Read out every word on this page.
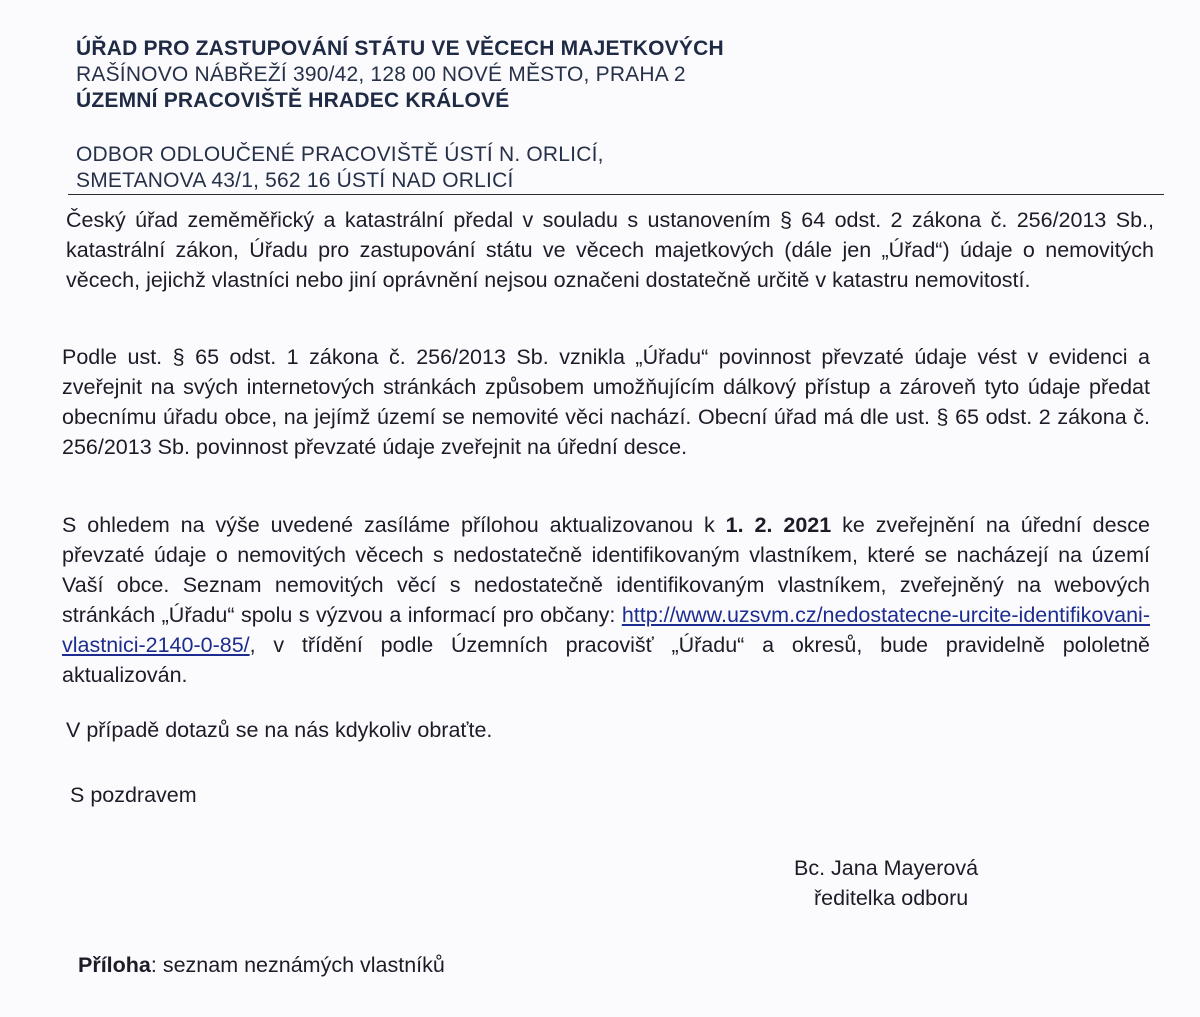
ÚŘAD PRO ZASTUPOVÁNÍ STÁTU VE VĚCECH MAJETKOVÝCH
RAŠÍNOVO NÁBŘEŽÍ 390/42, 128 00 NOVÉ MĚSTO, PRAHA 2
ÚZEMNÍ PRACOVIŠTĚ HRADEC KRÁLOVÉ
ODBOR ODLOUČENÉ PRACOVIŠTĚ ÚSTÍ N. ORLICÍ,
SMETANOVA 43/1, 562 16 ÚSTÍ NAD ORLICÍ
Český úřad zeměměřický a katastrální předal v souladu s ustanovením § 64 odst. 2 zákona č. 256/2013 Sb., katastrální zákon, Úřadu pro zastupování státu ve věcech majetkových (dále jen „Úřad“) údaje o nemovitých věcech, jejichž vlastníci nebo jiní oprávnění nejsou označeni dostatečně určitě v katastru nemovitostí.
Podle ust. § 65 odst. 1 zákona č. 256/2013 Sb. vznikla „Úřadu“ povinnost převzaté údaje vést v evidenci a zveřejnit na svých internetových stránkách způsobem umožňujícím dálkový přístup a zároveň tyto údaje předat obecnímu úřadu obce, na jejímž území se nemovité věci nachází. Obecní úřad má dle ust. § 65 odst. 2 zákona č. 256/2013 Sb. povinnost převzaté údaje zveřejnit na úřední desce.
S ohledem na výše uvedené zasíláme přílohou aktualizovanou k 1. 2. 2021 ke zveřejnění na úřední desce převzaté údaje o nemovitých věcech s nedostatečně identifikovaným vlastníkem, které se nacházejí na území Vaší obce. Seznam nemovitých věcí s nedostatečně identifikovaným vlastníkem, zveřejněný na webových stránkách „Úřadu“ spolu s výzvou a informací pro občany: http://www.uzsvm.cz/nedostatecne-urcite-identifikovani-vlastnici-2140-0-85/, v třídění podle Územních pracovišť „Úřadu“ a okresů, bude pravidelně pololetně aktualizován.
V případě dotazů se na nás kdykoliv obraťte.
S pozdravem
Bc. Jana Mayerová
ředitelka odboru
Příloha: seznam neznámých vlastníků
